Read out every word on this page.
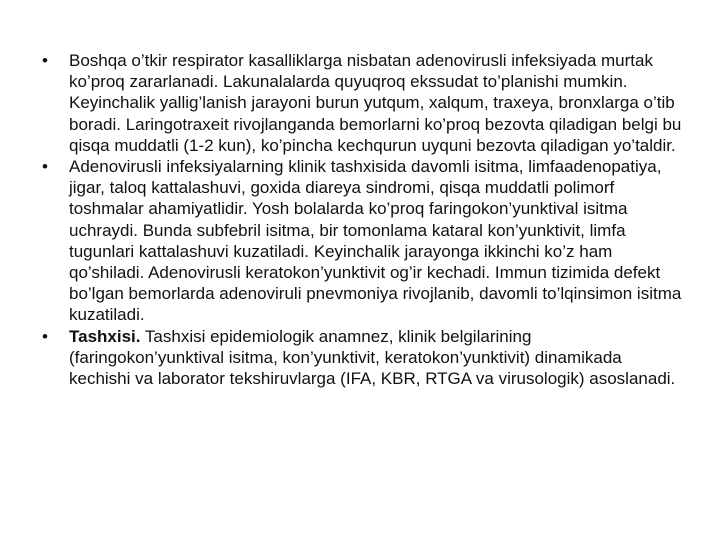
• Boshqa o’tkir respirator kasalliklarga nisbatan adenovirusli infeksiyada murtak ko’proq zararlanadi. Lakunalalarda quyuqroq ekssudat to’planishi mumkin. Keyinchalik yallig’lanish jarayoni burun yutqum, xalqum, traxeya, bronxlarga o’tib boradi. Laringotraxeit rivojlanganda bemorlarni ko’proq bezovta qiladigan belgi bu qisqa muddatli (1-2 kun), ko’pincha kechqurun uyquni bezovta qiladigan yo’taldir.
• Adenovirusli infeksiyalarning klinik tashxisida davomli isitma, limfaadenopatiya, jigar, taloq kattalashuvi, goxida diareya sindromi, qisqa muddatli polimorf toshmalar ahamiyatlidir. Yosh bolalarda ko’proq faringokon’yunktival isitma uchraydi. Bunda subfebril isitma, bir tomonlama kataral kon’yunktivit, limfa tugunlari kattalashuvi kuzatiladi. Keyinchalik jarayonga ikkinchi ko’z ham qo’shiladi. Adenovirusli keratokon’yunktivit og’ir kechadi. Immun tizimida defekt bo’lgan bemorlarda adenoviruli pnevmoniya rivojlanib, davomli to’lqinsimon isitma kuzatiladi.
• Tashxisi. Tashxisi epidemiologik anamnez, klinik belgilarining (faringokon’yunktival isitma, kon’yunktivit, keratokon’yunktivit) dinamikada kechishi va laborator tekshiruvlarga (IFA, KBR, RTGA va virusologik) asoslanadi.
